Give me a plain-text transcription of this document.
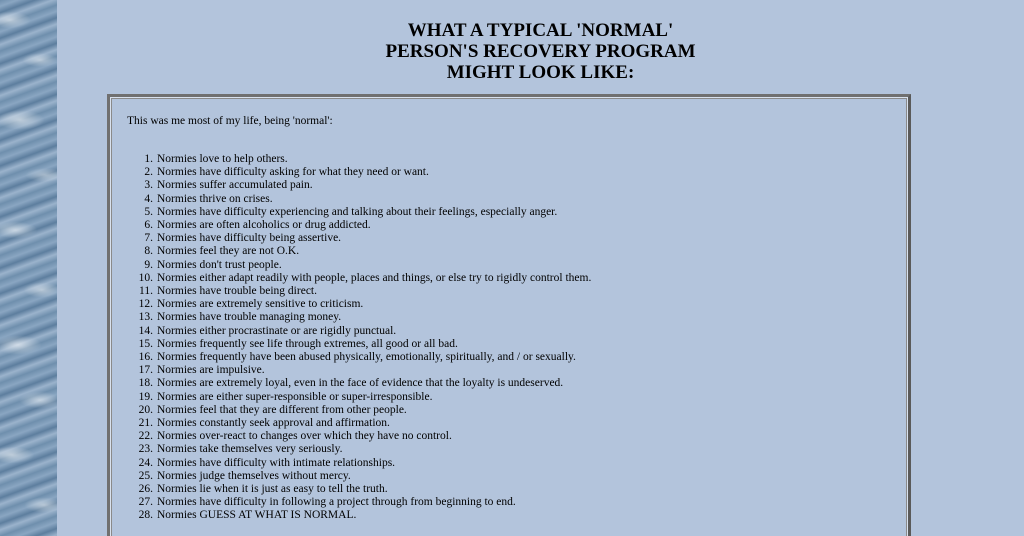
WHAT A TYPICAL 'NORMAL'
PERSON'S RECOVERY PROGRAM
MIGHT LOOK LIKE:

This was me most of my life, being 'normal':

1. Normies love to help others.
2. Normies have difficulty asking for what they need or want.
3. Normies suffer accumulated pain.
4. Normies thrive on crises.
5. Normies have difficulty experiencing and talking about their feelings, especially anger.
6. Normies are often alcoholics or drug addicted.
7. Normies have difficulty being assertive.
8. Normies feel they are not O.K.
9. Normies don't trust people.
10. Normies either adapt readily with people, places and things, or else try to rigidly control them.
11. Normies have trouble being direct.
12. Normies are extremely sensitive to criticism.
13. Normies have trouble managing money.
14. Normies either procrastinate or are rigidly punctual.
15. Normies frequently see life through extremes, all good or all bad.
16. Normies frequently have been abused physically, emotionally, spiritually, and / or sexually.
17. Normies are impulsive.
18. Normies are extremely loyal, even in the face of evidence that the loyalty is undeserved.
19. Normies are either super-responsible or super-irresponsible.
20. Normies feel that they are different from other people.
21. Normies constantly seek approval and affirmation.
22. Normies over-react to changes over which they have no control.
23. Normies take themselves very seriously.
24. Normies have difficulty with intimate relationships.
25. Normies judge themselves without mercy.
26. Normies lie when it is just as easy to tell the truth.
27. Normies have difficulty in following a project through from beginning to end.
28. Normies GUESS AT WHAT IS NORMAL.
